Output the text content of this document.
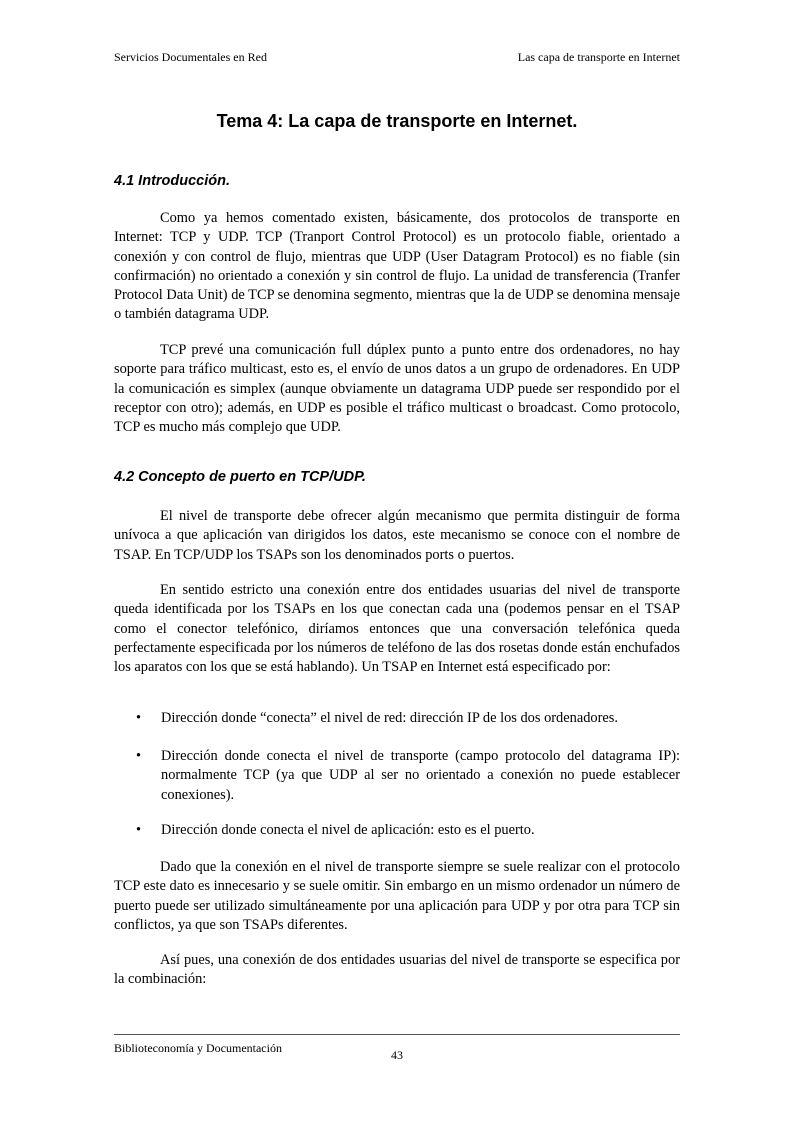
Servicios Documentales en Red	Las capa de transporte en Internet
Tema 4: La capa de transporte en Internet.
4.1 Introducción.

Como ya hemos comentado existen, básicamente, dos protocolos de transporte en Internet: TCP y UDP. TCP (Tranport Control Protocol) es un protocolo fiable, orientado a conexión y con control de flujo, mientras que UDP (User Datagram Protocol) es no fiable (sin confirmación) no orientado a conexión y sin control de flujo. La unidad de transferencia (Tranfer Protocol Data Unit) de TCP se denomina segmento, mientras que la de UDP se denomina mensaje o también datagrama UDP.

TCP prevé una comunicación full dúplex punto a punto entre dos ordenadores, no hay soporte para tráfico multicast, esto es, el envío de unos datos a un grupo de ordenadores. En UDP la comunicación es simplex (aunque obviamente un datagrama UDP puede ser respondido por el receptor con otro); además, en UDP es posible el tráfico multicast o broadcast. Como protocolo, TCP es mucho más complejo que UDP.

4.2 Concepto de puerto en TCP/UDP.

El nivel de transporte debe ofrecer algún mecanismo que permita distinguir de forma unívoca a que aplicación van dirigidos los datos, este mecanismo se conoce con el nombre de TSAP. En TCP/UDP los TSAPs son los denominados ports o puertos.

En sentido estricto una conexión entre dos entidades usuarias del nivel de transporte queda identificada por los TSAPs en los que conectan cada una (podemos pensar en el TSAP como el conector telefónico, diríamos entonces que una conversación telefónica queda perfectamente especificada por los números de teléfono de las dos rosetas donde están enchufados los aparatos con los que se está hablando). Un TSAP en Internet está especificado por:

•	Dirección donde “conecta” el nivel de red: dirección IP de los dos ordenadores.

•	Dirección donde conecta el nivel de transporte (campo protocolo del datagrama IP): normalmente TCP (ya que UDP al ser no orientado a conexión no puede establecer conexiones).

•	Dirección donde conecta el nivel de aplicación: esto es el puerto.

Dado que la conexión en el nivel de transporte siempre se suele realizar con el protocolo TCP este dato es innecesario y se suele omitir. Sin embargo en un mismo ordenador un número de puerto puede ser utilizado simultáneamente por una aplicación para UDP y por otra para TCP sin conflictos, ya que son TSAPs diferentes.

Así pues, una conexión de dos entidades usuarias del nivel de transporte se especifica por la combinación:

Biblioteconomía y Documentación	43
